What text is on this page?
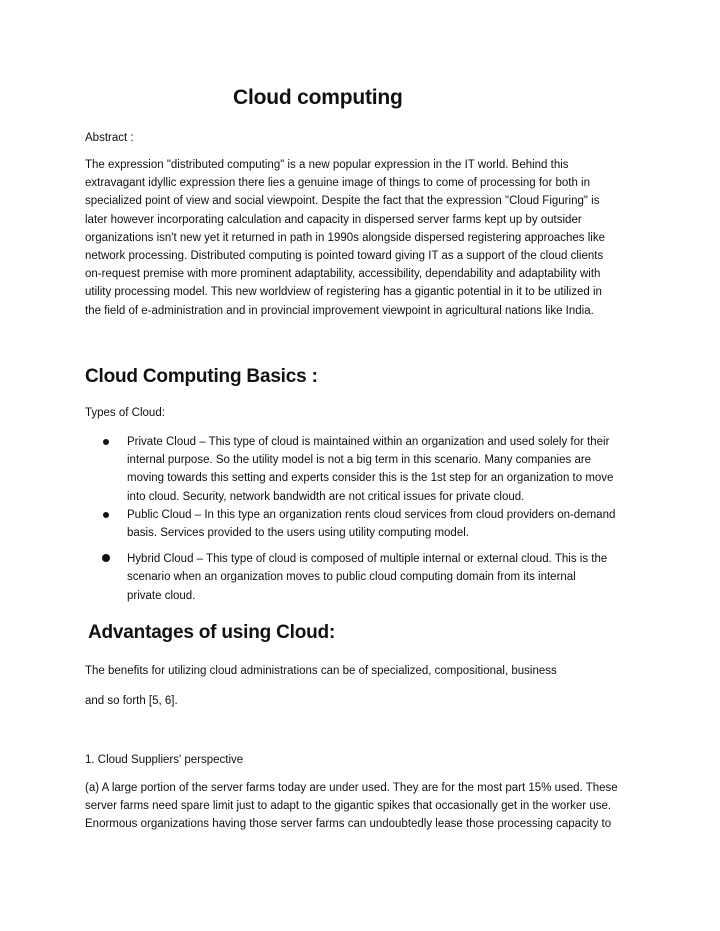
Cloud computing
Abstract :
The expression "distributed computing" is a new popular expression in the IT world. Behind this
extravagant idyllic expression there lies a genuine image of things to come of processing for both in
specialized point of view and social viewpoint. Despite the fact that the expression "Cloud Figuring" is
later however incorporating calculation and capacity in dispersed server farms kept up by outsider
organizations isn't new yet it returned in path in 1990s alongside dispersed registering approaches like
network processing. Distributed computing is pointed toward giving IT as a support of the cloud clients
on-request premise with more prominent adaptability, accessibility, dependability and adaptability with
utility processing model. This new worldview of registering has a gigantic potential in it to be utilized in
the field of e-administration and in provincial improvement viewpoint in agricultural nations like India.
Cloud Computing Basics :
Types of Cloud:
Private Cloud – This type of cloud is maintained within an organization and used solely for their
internal purpose. So the utility model is not a big term in this scenario. Many companies are
moving towards this setting and experts consider this is the 1st step for an organization to move
into cloud. Security, network bandwidth are not critical issues for private cloud.
Public Cloud – In this type an organization rents cloud services from cloud providers on-demand
basis. Services provided to the users using utility computing model.
Hybrid Cloud – This type of cloud is composed of multiple internal or external cloud. This is the
scenario when an organization moves to public cloud computing domain from its internal
private cloud.
Advantages of using Cloud:
The benefits for utilizing cloud administrations can be of specialized, compositional, business
and so forth [5, 6].
1. Cloud Suppliers' perspective
(a) A large portion of the server farms today are under used. They are for the most part 15% used. These
server farms need spare limit just to adapt to the gigantic spikes that occasionally get in the worker use.
Enormous organizations having those server farms can undoubtedly lease those processing capacity to
